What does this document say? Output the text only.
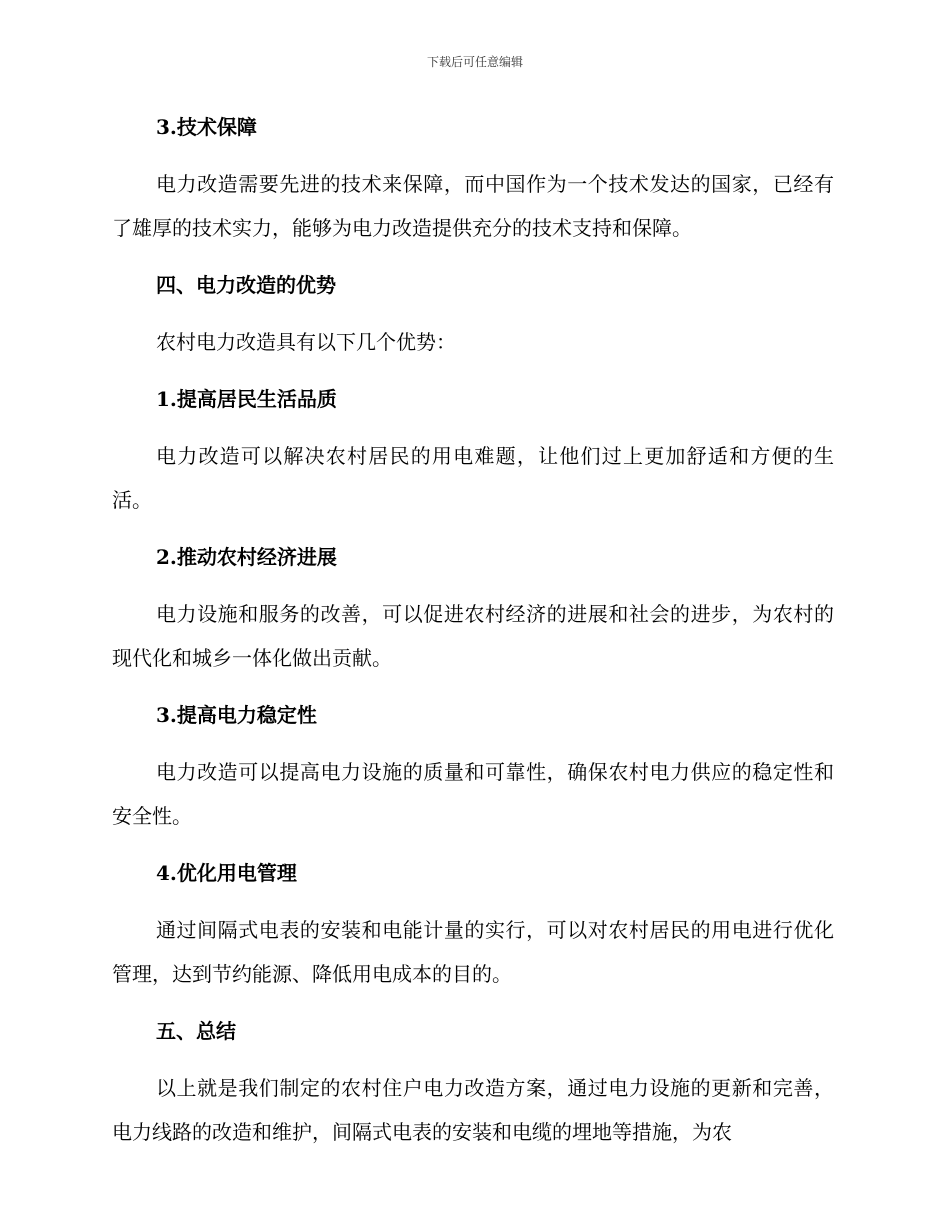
下载后可任意编辑
3.技术保障
电力改造需要先进的技术来保障，而中国作为一个技术发达的国家，已经有了雄厚的技术实力，能够为电力改造提供充分的技术支持和保障。
四、电力改造的优势
农村电力改造具有以下几个优势：
1.提高居民生活品质
电力改造可以解决农村居民的用电难题，让他们过上更加舒适和方便的生活。
2.推动农村经济进展
电力设施和服务的改善，可以促进农村经济的进展和社会的进步，为农村的现代化和城乡一体化做出贡献。
3.提高电力稳定性
电力改造可以提高电力设施的质量和可靠性，确保农村电力供应的稳定性和安全性。
4.优化用电管理
通过间隔式电表的安装和电能计量的实行，可以对农村居民的用电进行优化管理，达到节约能源、降低用电成本的目的。
五、总结
以上就是我们制定的农村住户电力改造方案，通过电力设施的更新和完善，电力线路的改造和维护，间隔式电表的安装和电缆的埋地等措施，为农
